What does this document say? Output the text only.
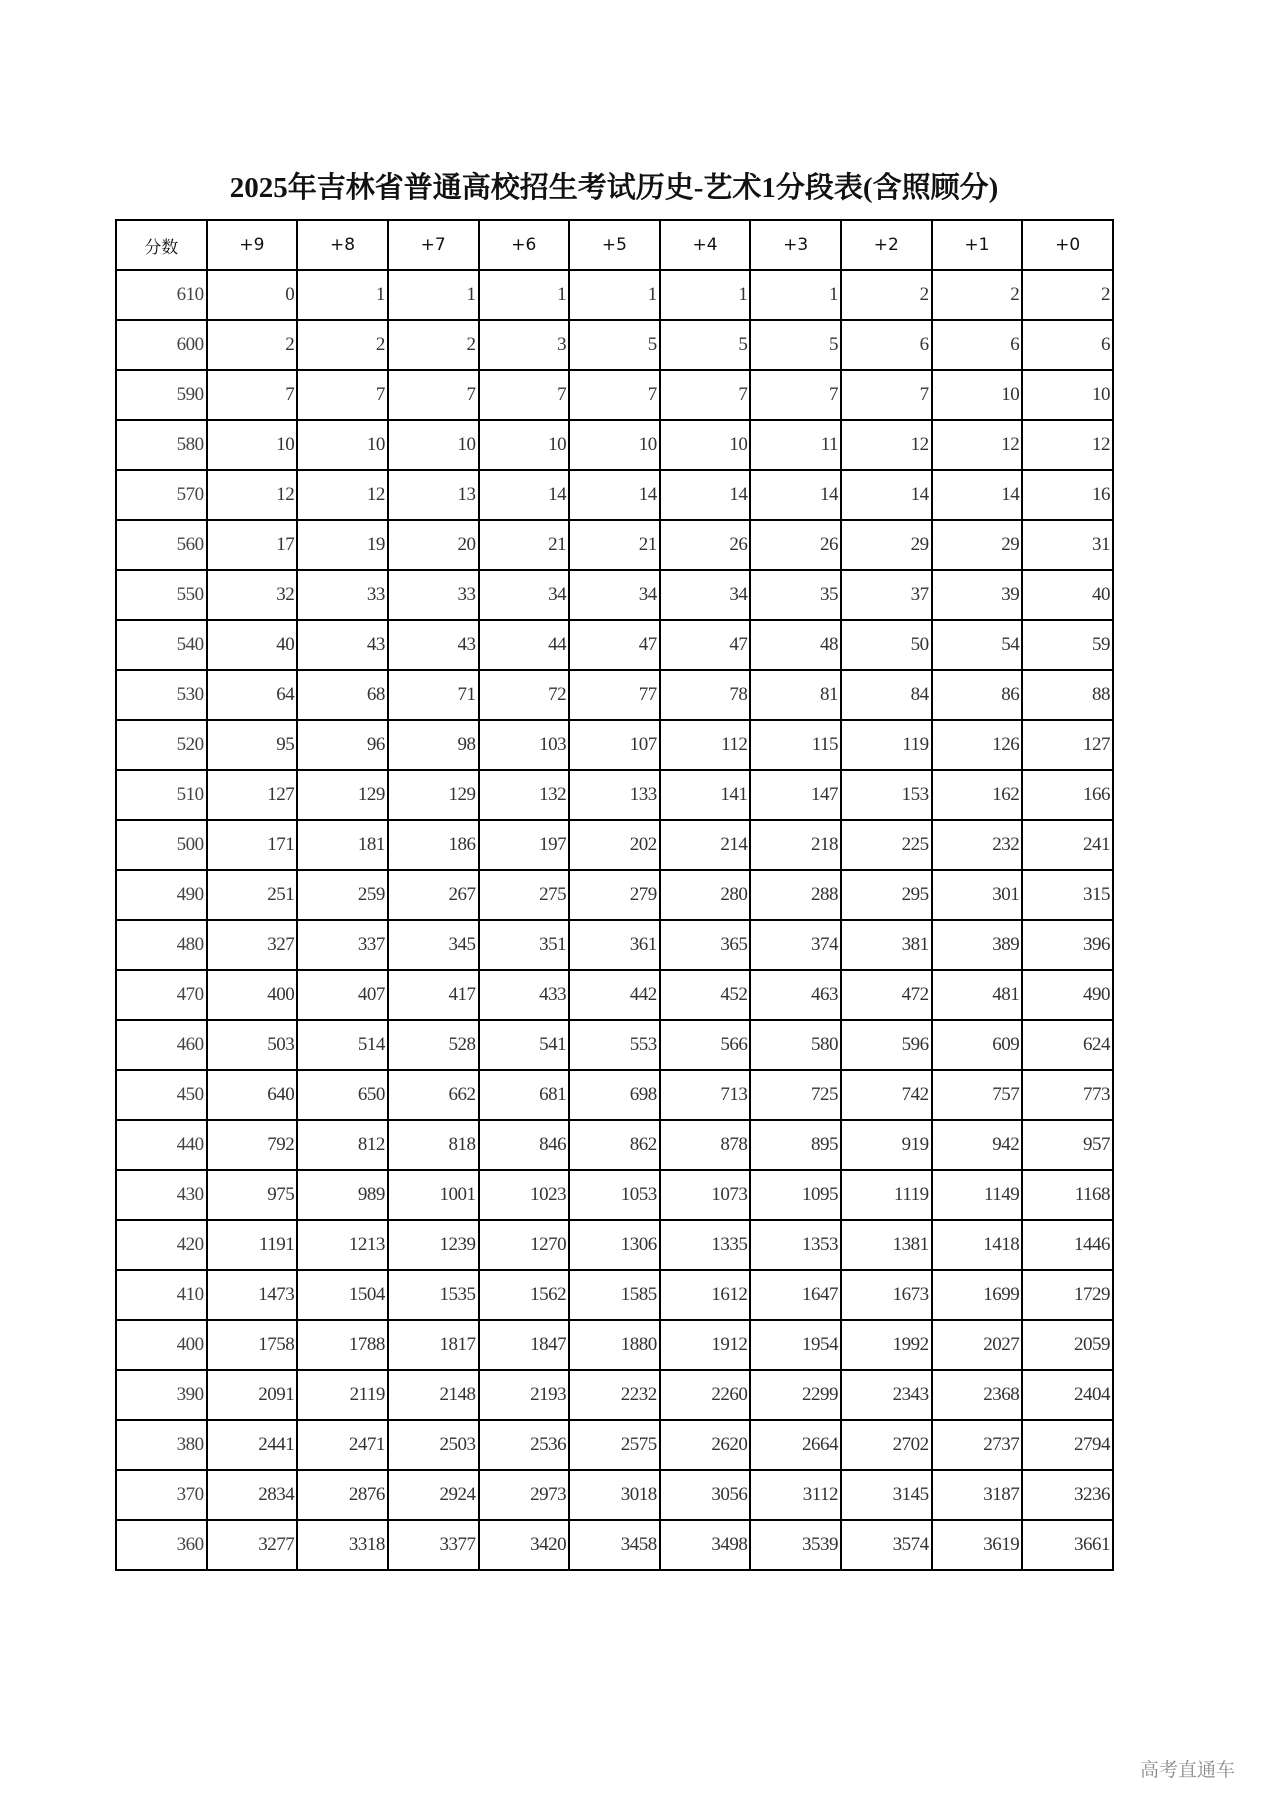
2025年吉林省普通高校招生考试历史-艺术1分段表(含照顾分)
分数	+9	+8	+7	+6	+5	+4	+3	+2	+1	+0
610	0	1	1	1	1	1	1	2	2	2
600	2	2	2	3	5	5	5	6	6	6
590	7	7	7	7	7	7	7	7	10	10
580	10	10	10	10	10	10	11	12	12	12
570	12	12	13	14	14	14	14	14	14	16
560	17	19	20	21	21	26	26	29	29	31
550	32	33	33	34	34	34	35	37	39	40
540	40	43	43	44	47	47	48	50	54	59
530	64	68	71	72	77	78	81	84	86	88
520	95	96	98	103	107	112	115	119	126	127
510	127	129	129	132	133	141	147	153	162	166
500	171	181	186	197	202	214	218	225	232	241
490	251	259	267	275	279	280	288	295	301	315
480	327	337	345	351	361	365	374	381	389	396
470	400	407	417	433	442	452	463	472	481	490
460	503	514	528	541	553	566	580	596	609	624
450	640	650	662	681	698	713	725	742	757	773
440	792	812	818	846	862	878	895	919	942	957
430	975	989	1001	1023	1053	1073	1095	1119	1149	1168
420	1191	1213	1239	1270	1306	1335	1353	1381	1418	1446
410	1473	1504	1535	1562	1585	1612	1647	1673	1699	1729
400	1758	1788	1817	1847	1880	1912	1954	1992	2027	2059
390	2091	2119	2148	2193	2232	2260	2299	2343	2368	2404
380	2441	2471	2503	2536	2575	2620	2664	2702	2737	2794
370	2834	2876	2924	2973	3018	3056	3112	3145	3187	3236
360	3277	3318	3377	3420	3458	3498	3539	3574	3619	3661
高考直通车
